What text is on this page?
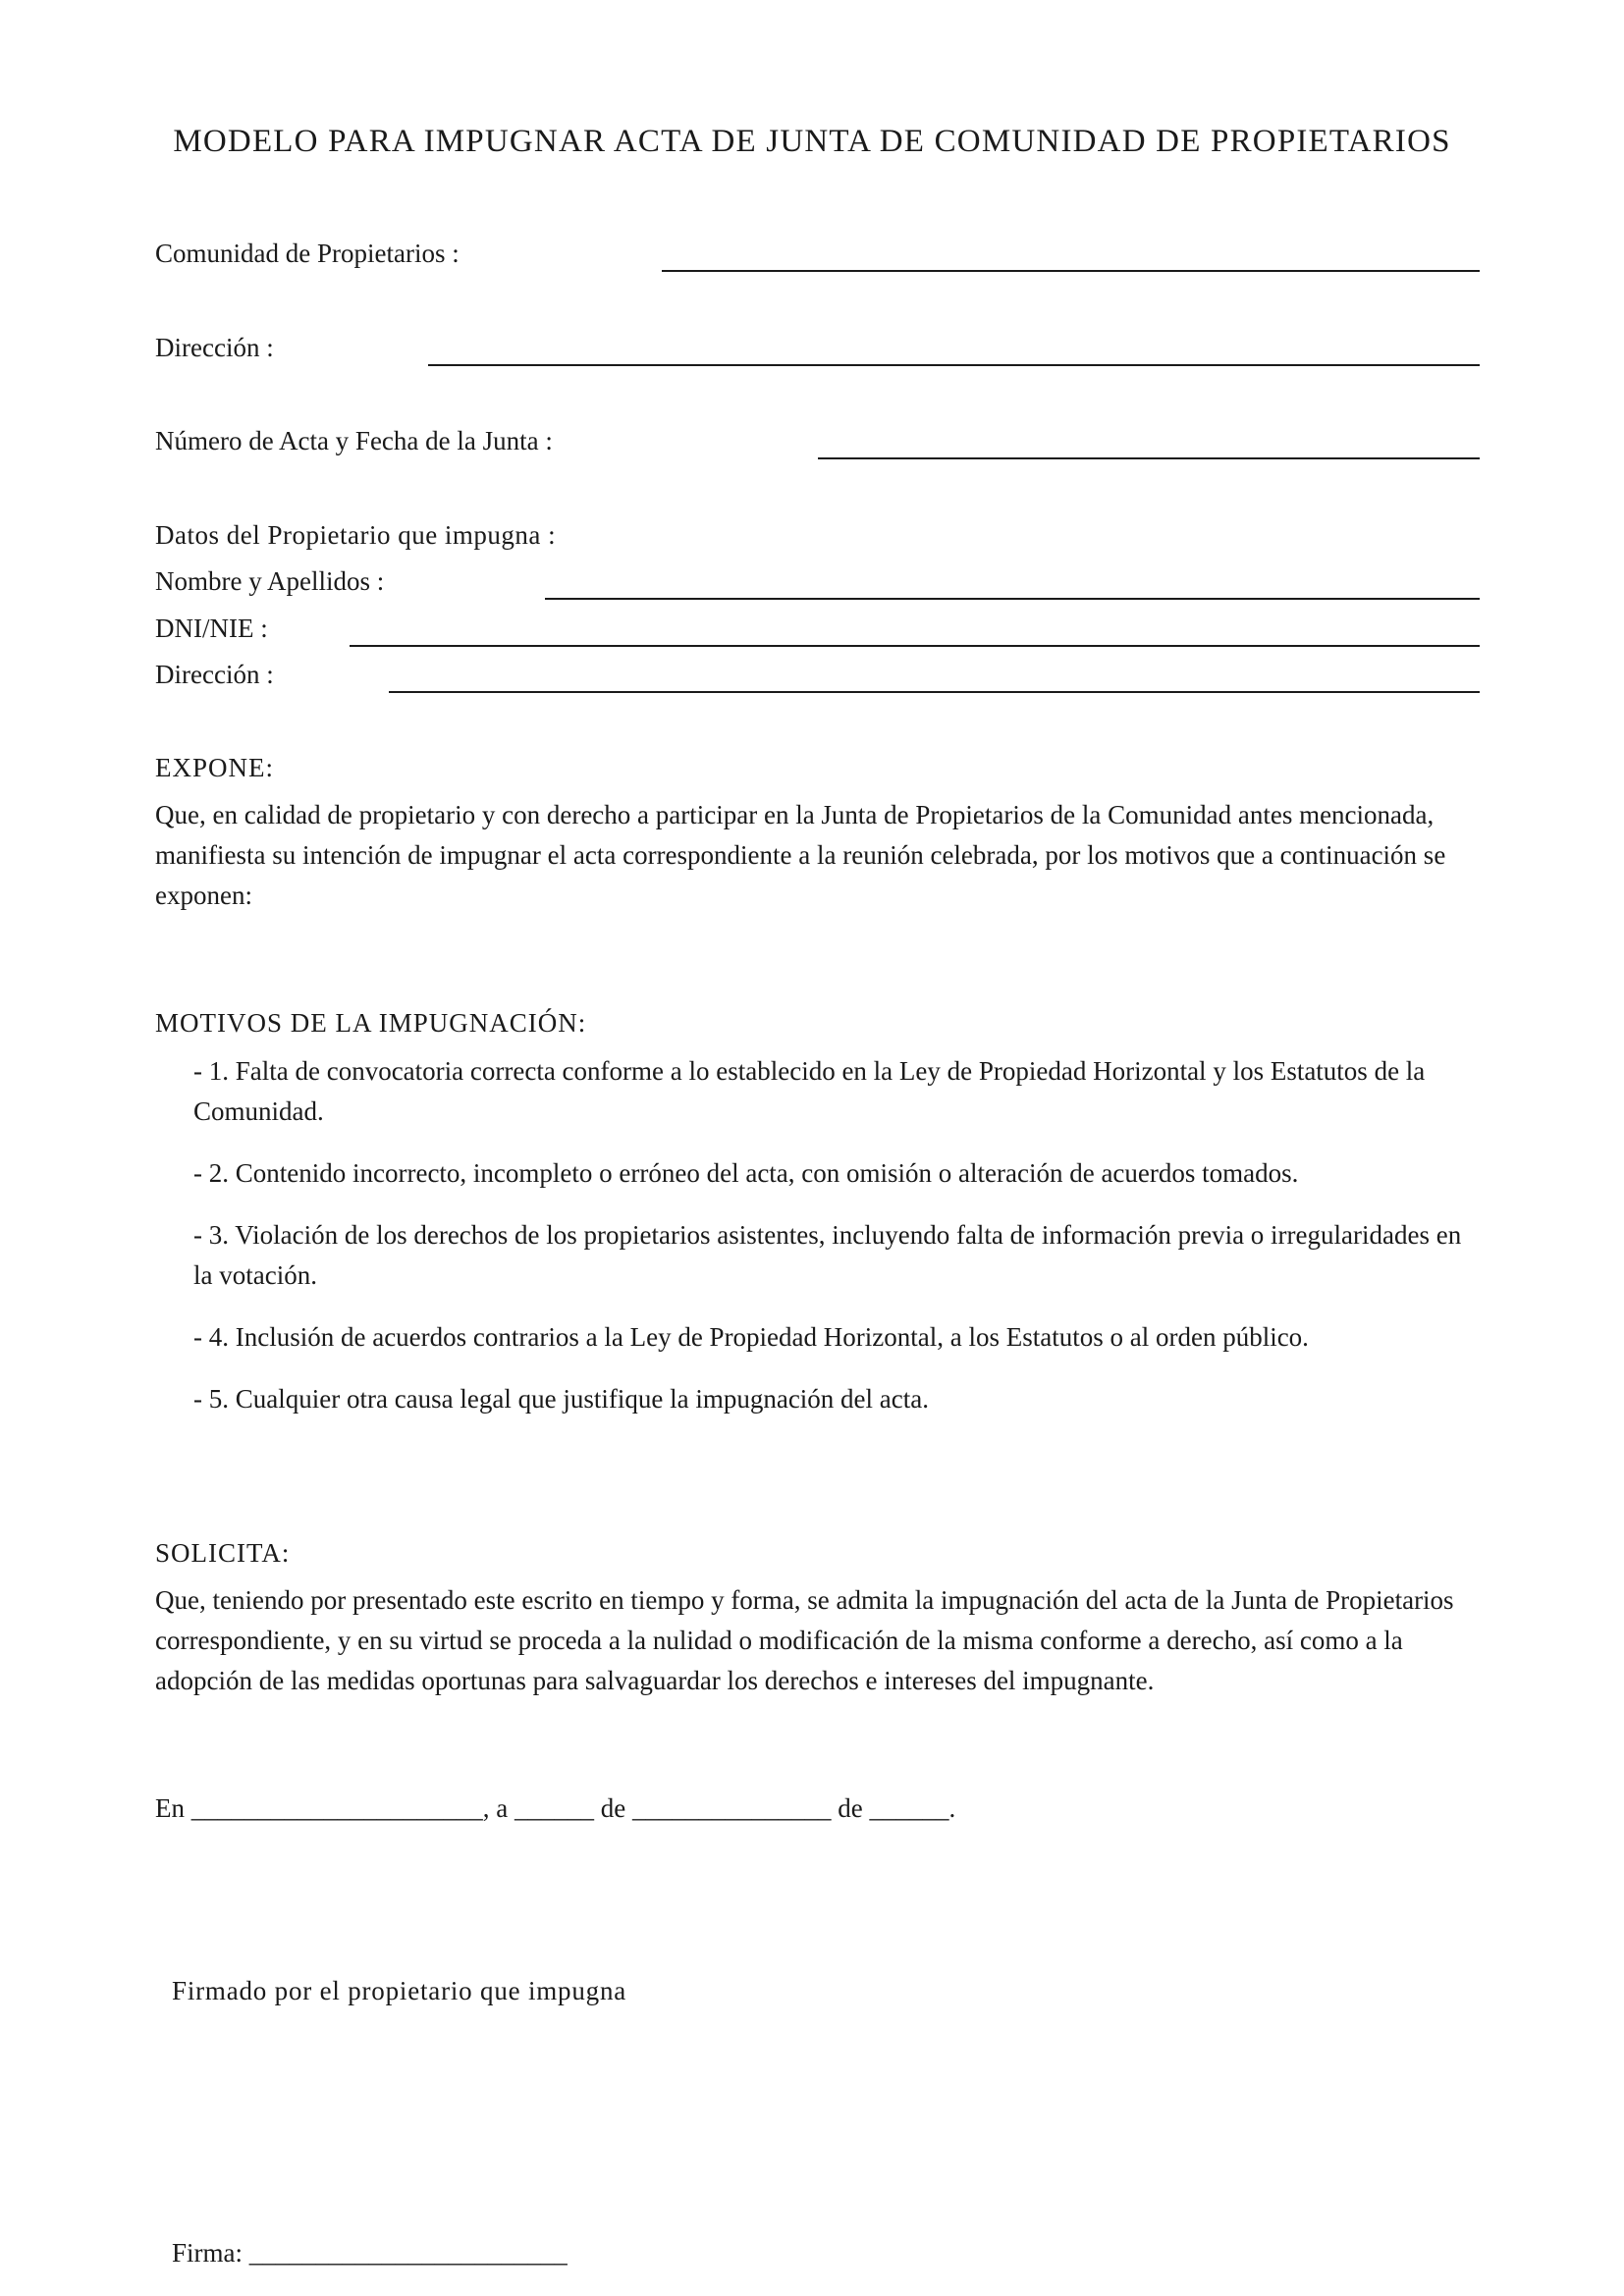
MODELO PARA IMPUGNAR ACTA DE JUNTA DE COMUNIDAD DE PROPIETARIOS
Comunidad de Propietarios :
Dirección :
Número de Acta y Fecha de la Junta :
Datos del Propietario que impugna :
Nombre y Apellidos :
DNI/NIE :
Dirección :
EXPONE:
Que, en calidad de propietario y con derecho a participar en la Junta de Propietarios de la Comunidad antes mencionada, manifiesta su intención de impugnar el acta correspondiente a la reunión celebrada, por los motivos que a continuación se exponen:
MOTIVOS DE LA IMPUGNACIÓN:
- 1. Falta de convocatoria correcta conforme a lo establecido en la Ley de Propiedad Horizontal y los Estatutos de la Comunidad.
- 2. Contenido incorrecto, incompleto o erróneo del acta, con omisión o alteración de acuerdos tomados.
- 3. Violación de los derechos de los propietarios asistentes, incluyendo falta de información previa o irregularidades en la votación.
- 4. Inclusión de acuerdos contrarios a la Ley de Propiedad Horizontal, a los Estatutos o al orden público.
- 5. Cualquier otra causa legal que justifique la impugnación del acta.
SOLICITA:
Que, teniendo por presentado este escrito en tiempo y forma, se admita la impugnación del acta de la Junta de Propietarios correspondiente, y en su virtud se proceda a la nulidad o modificación de la misma conforme a derecho, así como a la adopción de las medidas oportunas para salvaguardar los derechos e intereses del impugnante.
En ______________________, a ______ de _______________ de ______.
Firmado por el propietario que impugna
Firma: ________________________
